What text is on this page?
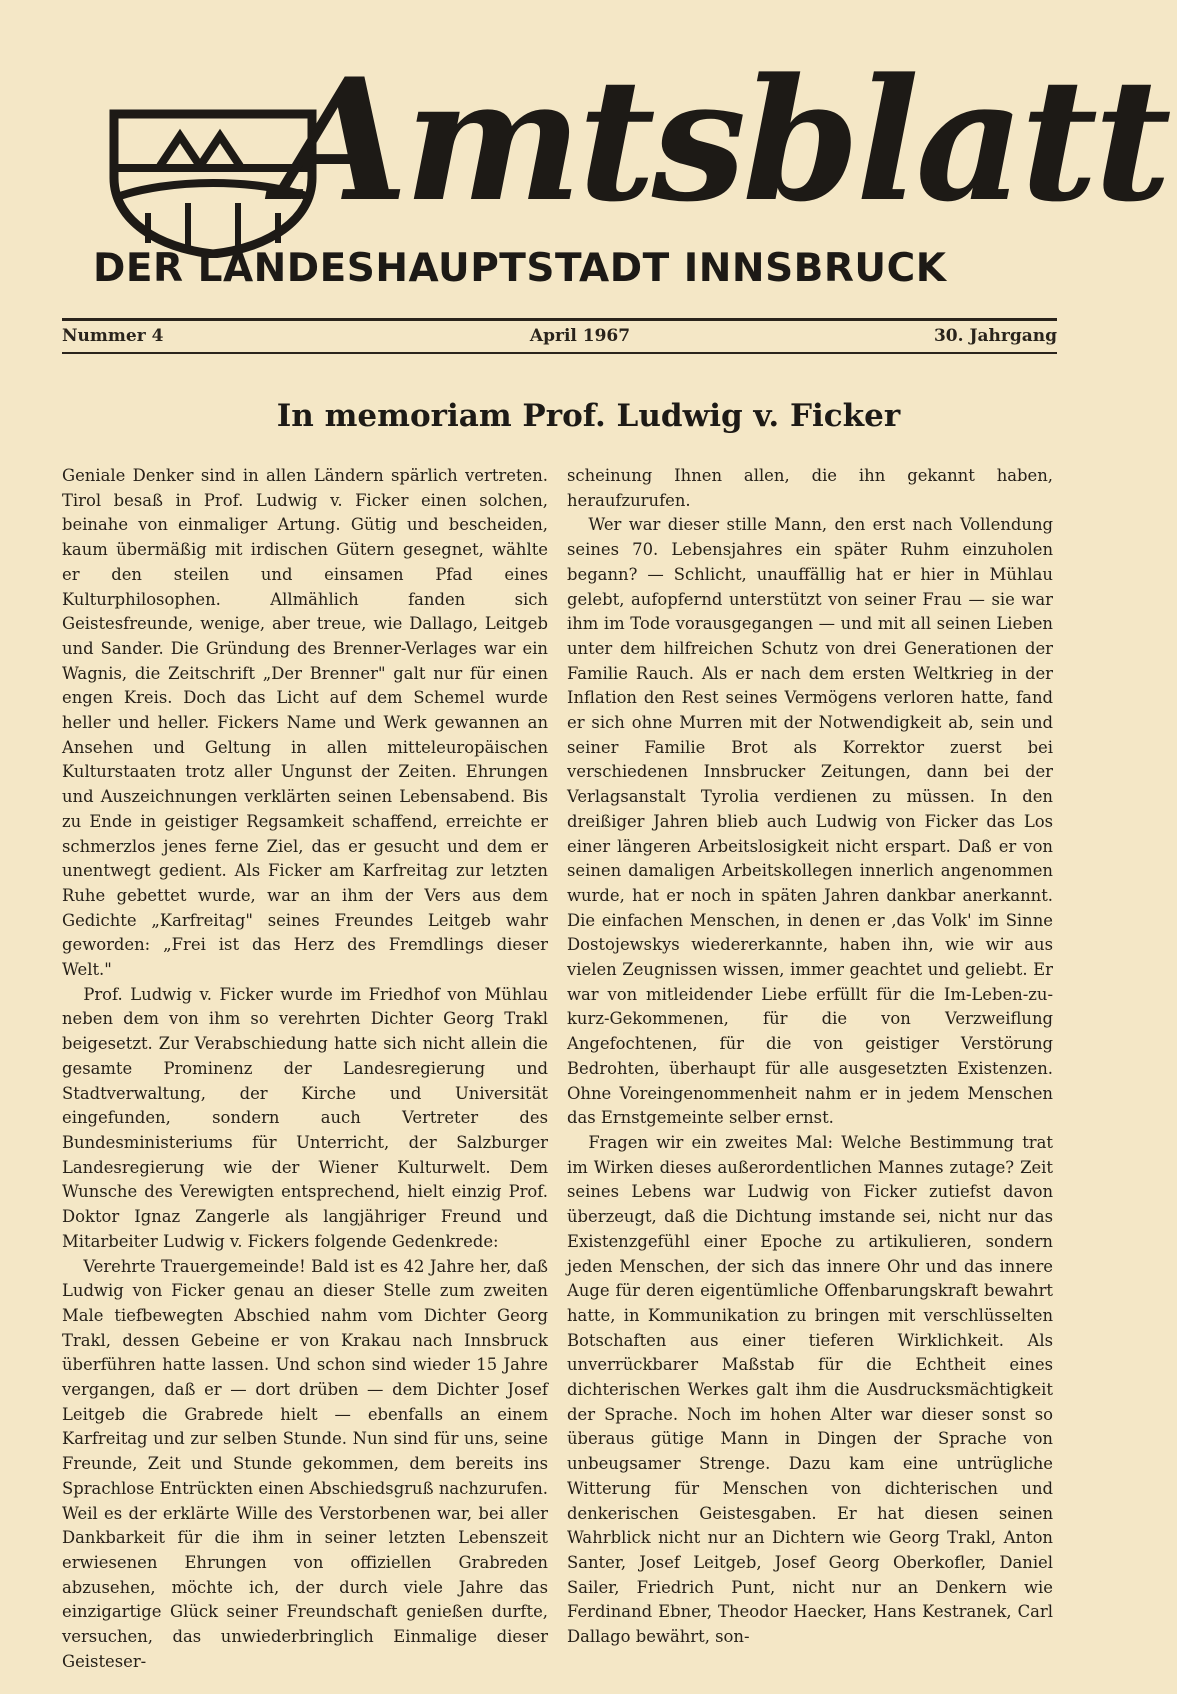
Amtsblatt
DER LANDESHAUPTSTADT INNSBRUCK
Nummer 4	April 1967	30. Jahrgang
In memoriam Prof. Ludwig v. Ficker

Geniale Denker sind in allen Ländern spärlich vertreten. Tirol besaß in Prof. Ludwig v. Ficker einen solchen, beinahe von einmaliger Artung. Gütig und bescheiden, kaum übermäßig mit irdischen Gütern gesegnet, wählte er den steilen und einsamen Pfad eines Kulturphilosophen. Allmählich fanden sich Geistesfreunde, wenige, aber treue, wie Dallago, Leitgeb und Sander. Die Gründung des Brenner-Verlages war ein Wagnis, die Zeitschrift „Der Brenner" galt nur für einen engen Kreis. Doch das Licht auf dem Schemel wurde heller und heller. Fickers Name und Werk gewannen an Ansehen und Geltung in allen mitteleuropäischen Kulturstaaten trotz aller Ungunst der Zeiten. Ehrungen und Auszeichnungen verklärten seinen Lebensabend. Bis zu Ende in geistiger Regsamkeit schaffend, erreichte er schmerzlos jenes ferne Ziel, das er gesucht und dem er unentwegt gedient. Als Ficker am Karfreitag zur letzten Ruhe gebettet wurde, war an ihm der Vers aus dem Gedichte „Karfreitag" seines Freundes Leitgeb wahr geworden: „Frei ist das Herz des Fremdlings dieser Welt."

Prof. Ludwig v. Ficker wurde im Friedhof von Mühlau neben dem von ihm so verehrten Dichter Georg Trakl beigesetzt. Zur Verabschiedung hatte sich nicht allein die gesamte Prominenz der Landesregierung und Stadtverwaltung, der Kirche und Universität eingefunden, sondern auch Vertreter des Bundesministeriums für Unterricht, der Salzburger Landesregierung wie der Wiener Kulturwelt. Dem Wunsche des Verewigten entsprechend, hielt einzig Prof. Doktor Ignaz Zangerle als langjähriger Freund und Mitarbeiter Ludwig v. Fickers folgende Gedenkrede:

Verehrte Trauergemeinde! Bald ist es 42 Jahre her, daß Ludwig von Ficker genau an dieser Stelle zum zweiten Male tiefbewegten Abschied nahm vom Dichter Georg Trakl, dessen Gebeine er von Krakau nach Innsbruck überführen hatte lassen. Und schon sind wieder 15 Jahre vergangen, daß er — dort drüben — dem Dichter Josef Leitgeb die Grabrede hielt — ebenfalls an einem Karfreitag und zur selben Stunde. Nun sind für uns, seine Freunde, Zeit und Stunde gekommen, dem bereits ins Sprachlose Entrückten einen Abschiedsgruß nachzurufen. Weil es der erklärte Wille des Verstorbenen war, bei aller Dankbarkeit für die ihm in seiner letzten Lebenszeit erwiesenen Ehrungen von offiziellen Grabreden abzusehen, möchte ich, der durch viele Jahre das einzigartige Glück seiner Freundschaft genießen durfte, versuchen, das unwiederbringlich Einmalige dieser Geisteser-

scheinung Ihnen allen, die ihn gekannt haben, heraufzurufen.

Wer war dieser stille Mann, den erst nach Vollendung seines 70. Lebensjahres ein später Ruhm einzuholen begann? — Schlicht, unauffällig hat er hier in Mühlau gelebt, aufopfernd unterstützt von seiner Frau — sie war ihm im Tode vorausgegangen — und mit all seinen Lieben unter dem hilfreichen Schutz von drei Generationen der Familie Rauch. Als er nach dem ersten Weltkrieg in der Inflation den Rest seines Vermögens verloren hatte, fand er sich ohne Murren mit der Notwendigkeit ab, sein und seiner Familie Brot als Korrektor zuerst bei verschiedenen Innsbrucker Zeitungen, dann bei der Verlagsanstalt Tyrolia verdienen zu müssen. In den dreißiger Jahren blieb auch Ludwig von Ficker das Los einer längeren Arbeitslosigkeit nicht erspart. Daß er von seinen damaligen Arbeitskollegen innerlich angenommen wurde, hat er noch in späten Jahren dankbar anerkannt. Die einfachen Menschen, in denen er ‚das Volk' im Sinne Dostojewskys wiedererkannte, haben ihn, wie wir aus vielen Zeugnissen wissen, immer geachtet und geliebt. Er war von mitleidender Liebe erfüllt für die Im-Leben-zu-kurz-Gekommenen, für die von Verzweiflung Angefochtenen, für die von geistiger Verstörung Bedrohten, überhaupt für alle ausgesetzten Existenzen. Ohne Voreingenommenheit nahm er in jedem Menschen das Ernstgemeinte selber ernst.

Fragen wir ein zweites Mal: Welche Bestimmung trat im Wirken dieses außerordentlichen Mannes zutage? Zeit seines Lebens war Ludwig von Ficker zutiefst davon überzeugt, daß die Dichtung imstande sei, nicht nur das Existenzgefühl einer Epoche zu artikulieren, sondern jeden Menschen, der sich das innere Ohr und das innere Auge für deren eigentümliche Offenbarungskraft bewahrt hatte, in Kommunikation zu bringen mit verschlüsselten Botschaften aus einer tieferen Wirklichkeit. Als unverrückbarer Maßstab für die Echtheit eines dichterischen Werkes galt ihm die Ausdrucksmächtigkeit der Sprache. Noch im hohen Alter war dieser sonst so überaus gütige Mann in Dingen der Sprache von unbeugsamer Strenge. Dazu kam eine untrügliche Witterung für Menschen von dichterischen und denkerischen Geistesgaben. Er hat diesen seinen Wahrblick nicht nur an Dichtern wie Georg Trakl, Anton Santer, Josef Leitgeb, Josef Georg Oberkofler, Daniel Sailer, Friedrich Punt, nicht nur an Denkern wie Ferdinand Ebner, Theodor Haecker, Hans Kestranek, Carl Dallago bewährt, son-
